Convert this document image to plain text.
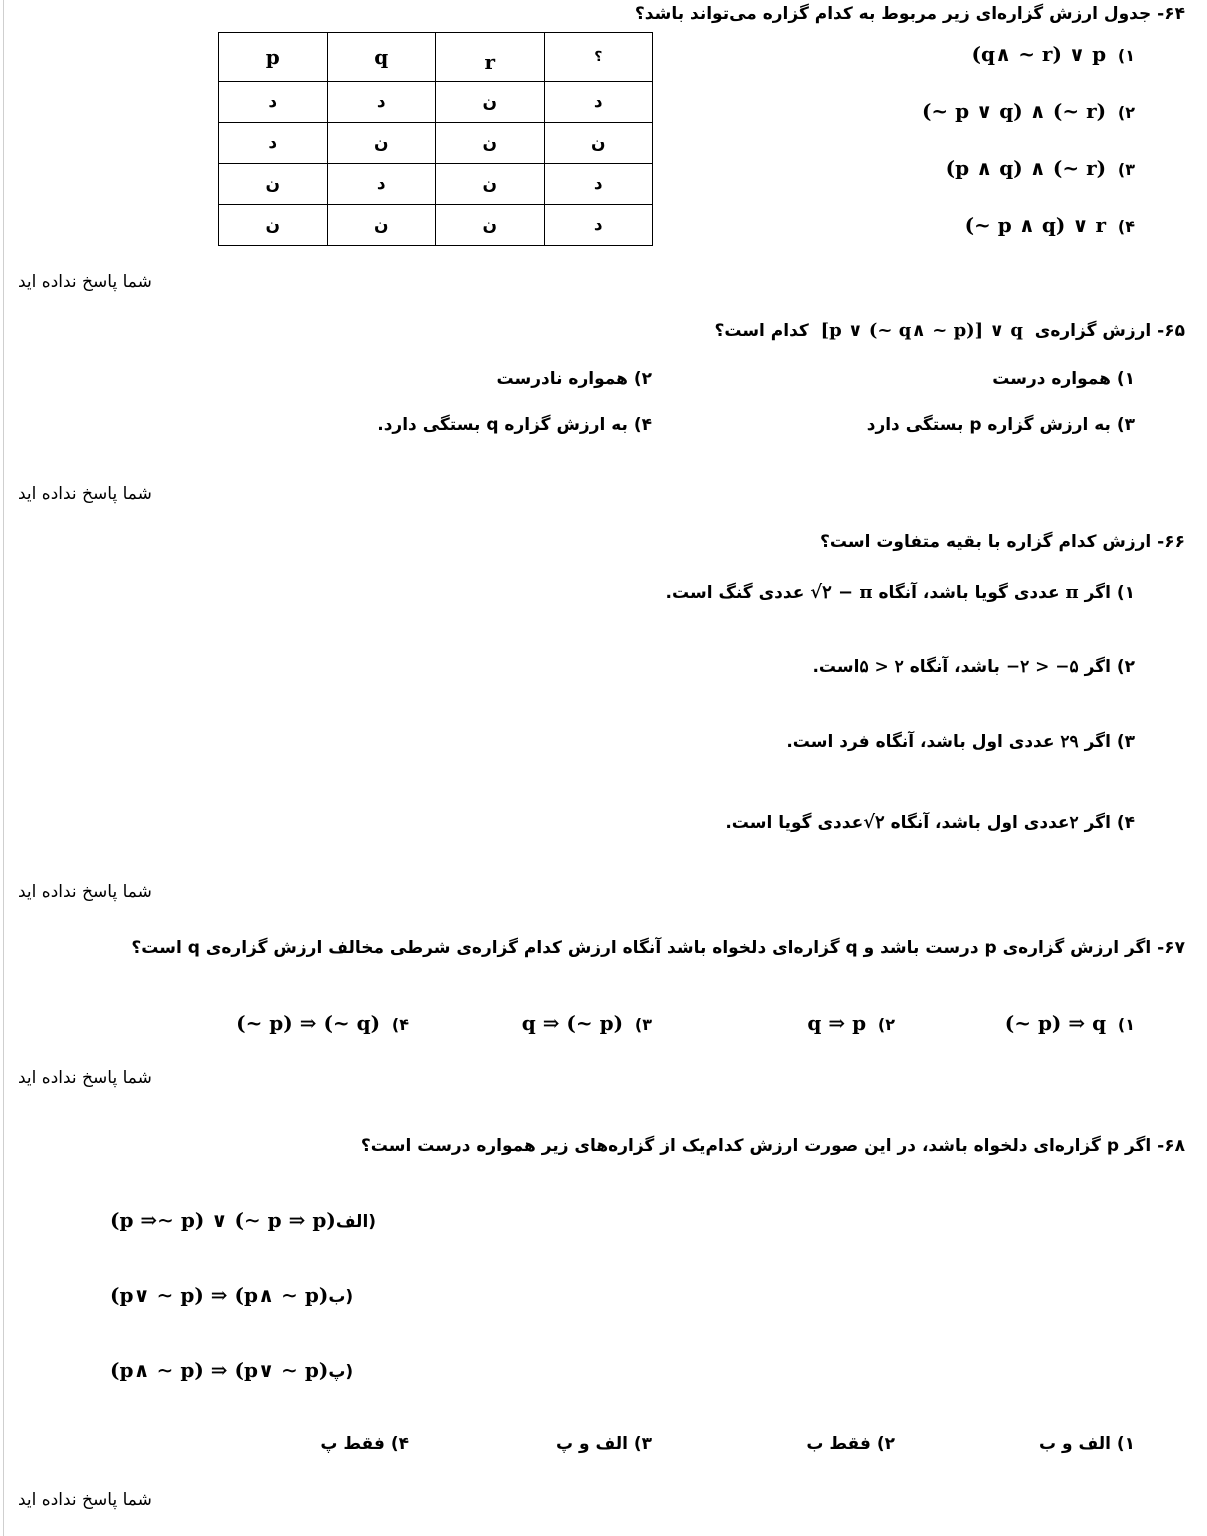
۶۴- جدول ارزش گزاره‌ای زیر مربوط به کدام گزاره می‌تواند باشد؟
p	q	r	؟
د	د	ن	د
د	ن	ن	ن
ن	د	ن	د
ن	ن	ن	د
۱)  (q∧ ~ r) ∨ p
۲)  (~ p ∨ q) ∧ (~ r)
۳)  (p ∧ q) ∧ (~ r)
۴)  (~ p ∧ q) ∨ r
شما پاسخ نداده اید
۶۵- ارزش گزاره‌ی  [p ∨ (~ q∧ ~ p)] ∨ q  کدام است؟
۱) همواره درست
۲) همواره نادرست
۳) به ارزش گزاره p بستگی دارد
۴) به ارزش گزاره q بستگی دارد.
شما پاسخ نداده اید
۶۶- ارزش کدام گزاره با بقیه متفاوت است؟
۱) اگر π عددی گویا باشد، آنگاه √۲ − π عددی گنگ است.
۲) اگر −۲ > −۵ باشد، آنگاه ۵ > ۲است.
۳) اگر ۲۹ عددی اول باشد، آنگاه فرد است.
۴) اگر ۲عددی اول باشد، آنگاه √۲عددی گویا است.
شما پاسخ نداده اید
۶۷- اگر ارزش گزاره‌ی p درست باشد و q گزاره‌ای دلخواه باشد آنگاه ارزش کدام گزاره‌ی شرطی مخالف ارزش گزاره‌ی q است؟
۱)  (~ p) ⇒ q
۲)  q ⇒ p
۳)  q ⇒ (~ p)
۴)  (~ p) ⇒ (~ q)
شما پاسخ نداده اید
۶۸- اگر p گزاره‌ای دلخواه باشد، در این صورت ارزش کدام‌یک از گزاره‌های زیر همواره درست است؟
(p ⇒∼ p) ∨ (∼ p ⇒ p)الف)
(p∨ ∼ p) ⇒ (p∧ ∼ p)ب)
(p∧ ∼ p) ⇒ (p∨ ∼ p)پ)
۱) الف و ب
۲) فقط ب
۳) الف و پ
۴) فقط پ
شما پاسخ نداده اید
